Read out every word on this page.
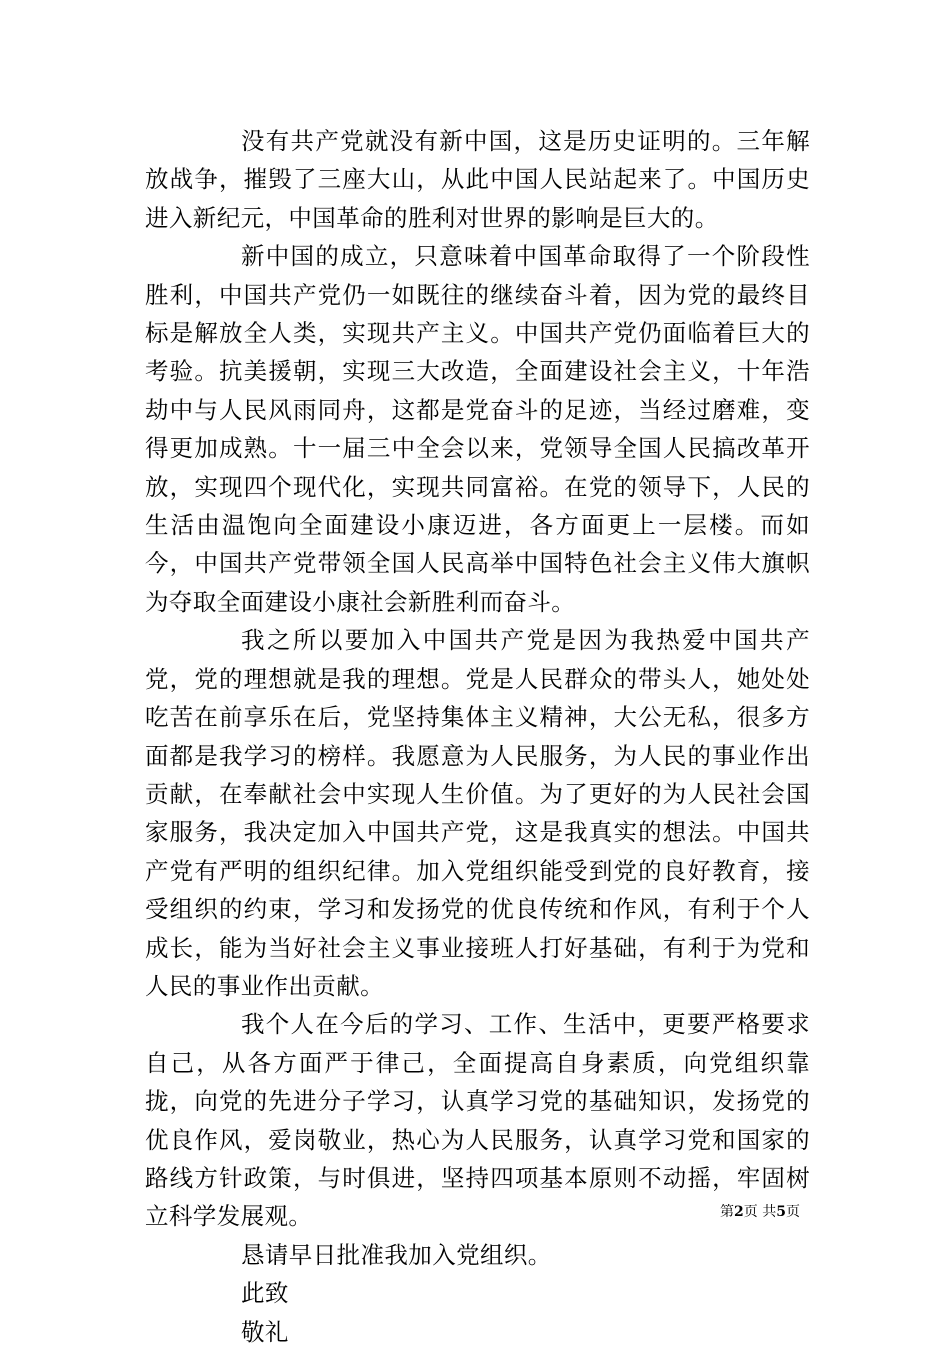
没有共产党就没有新中国，这是历史证明的。三年解放战争，摧毁了三座大山，从此中国人民站起来了。中国历史进入新纪元，中国革命的胜利对世界的影响是巨大的。

新中国的成立，只意味着中国革命取得了一个阶段性胜利，中国共产党仍一如既往的继续奋斗着，因为党的最终目标是解放全人类，实现共产主义。中国共产党仍面临着巨大的考验。抗美援朝，实现三大改造，全面建设社会主义，十年浩劫中与人民风雨同舟，这都是党奋斗的足迹，当经过磨难，变得更加成熟。十一届三中全会以来，党领导全国人民搞改革开放，实现四个现代化，实现共同富裕。在党的领导下，人民的生活由温饱向全面建设小康迈进，各方面更上一层楼。而如今，中国共产党带领全国人民高举中国特色社会主义伟大旗帜为夺取全面建设小康社会新胜利而奋斗。

我之所以要加入中国共产党是因为我热爱中国共产党，党的理想就是我的理想。党是人民群众的带头人，她处处吃苦在前享乐在后，党坚持集体主义精神，大公无私，很多方面都是我学习的榜样。我愿意为人民服务，为人民的事业作出贡献，在奉献社会中实现人生价值。为了更好的为人民社会国家服务，我决定加入中国共产党，这是我真实的想法。中国共产党有严明的组织纪律。加入党组织能受到党的良好教育，接受组织的约束，学习和发扬党的优良传统和作风，有利于个人成长，能为当好社会主义事业接班人打好基础，有利于为党和人民的事业作出贡献。

我个人在今后的学习、工作、生活中，更要严格要求自己，从各方面严于律己，全面提高自身素质，向党组织靠拢，向党的先进分子学习，认真学习党的基础知识，发扬党的优良作风，爱岗敬业，热心为人民服务，认真学习党和国家的路线方针政策，与时俱进，坚持四项基本原则不动摇，牢固树立科学发展观。

恳请早日批准我加入党组织。

此致

敬礼

第2页 共5页
